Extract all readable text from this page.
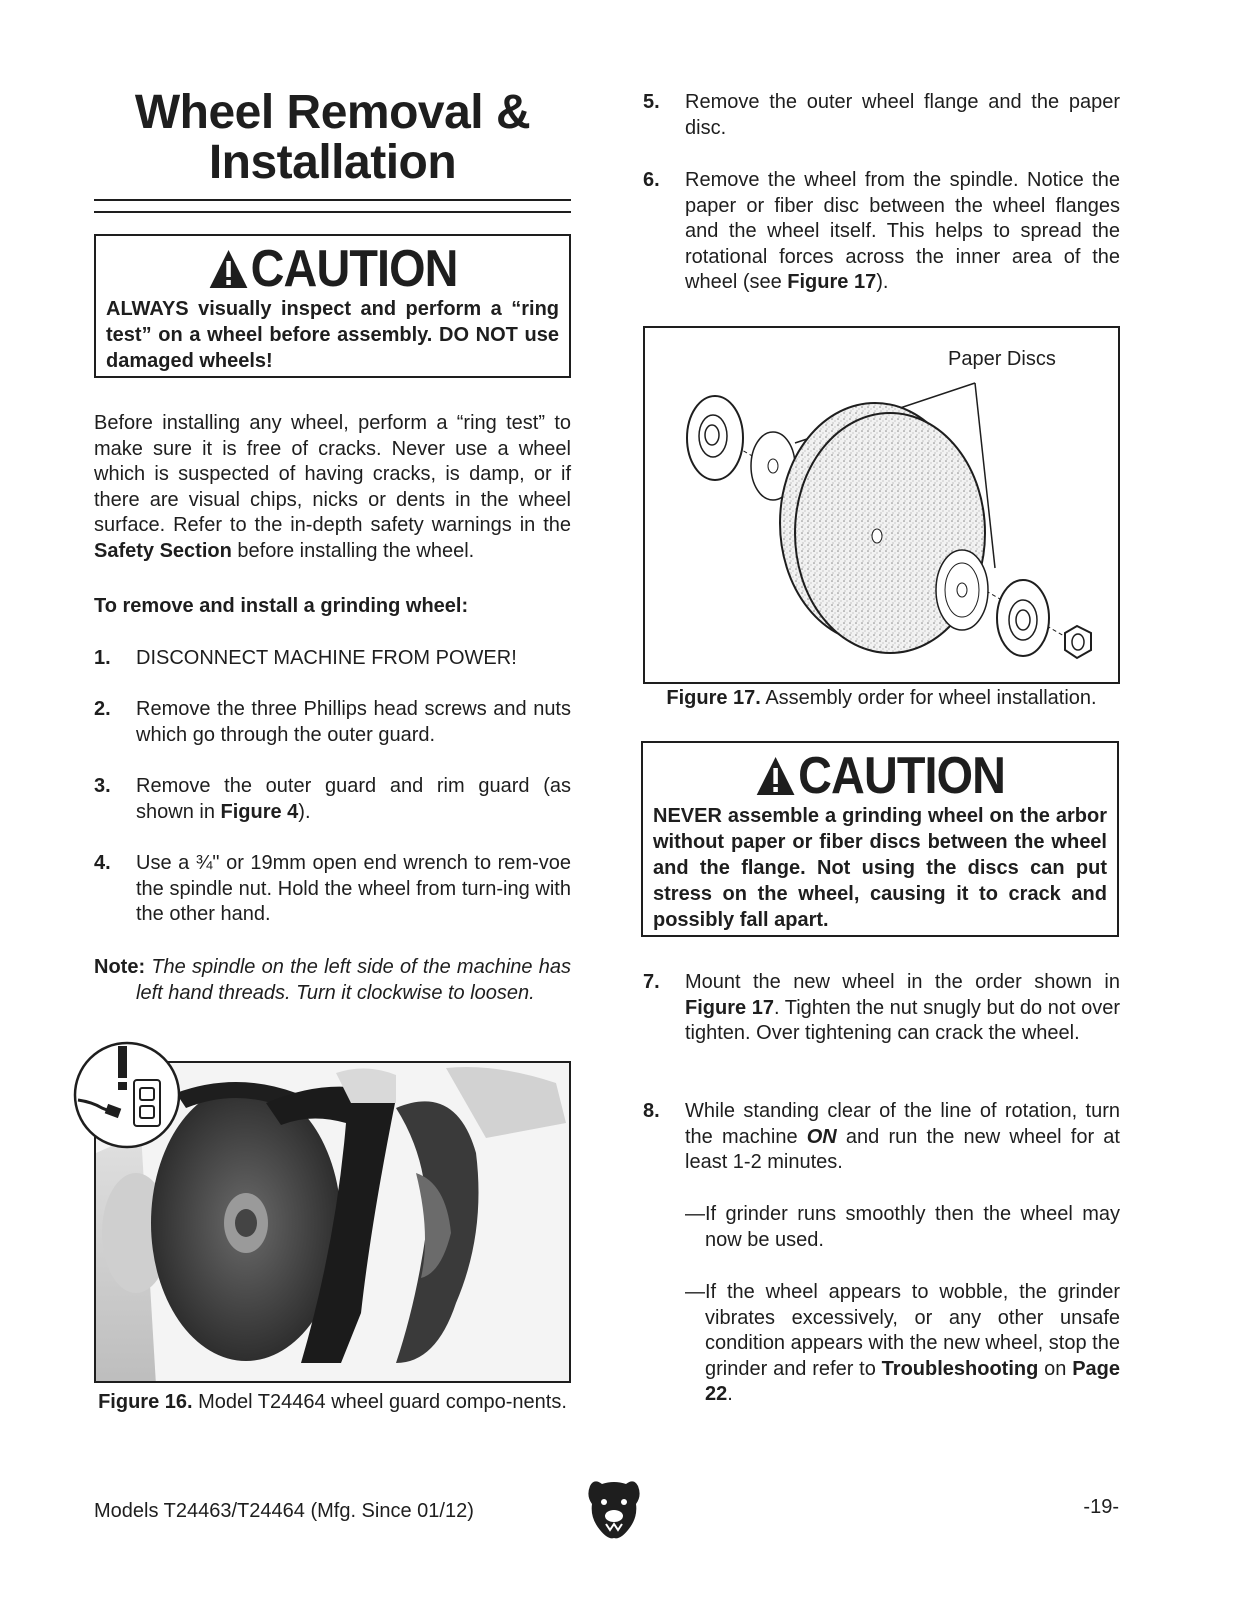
Wheel Removal &
Installation
CAUTION
ALWAYS visually inspect and perform a “ring test” on a wheel before assembly. DO NOT use damaged wheels!
Before installing any wheel, perform a “ring test” to make sure it is free of cracks. Never use a wheel which is suspected of having cracks, is damp, or if there are visual chips, nicks or dents in the wheel surface. Refer to the in-depth safety warnings in the Safety Section before installing the wheel.
To remove and install a grinding wheel:
1. DISCONNECT MACHINE FROM POWER!
2. Remove the three Phillips head screws and nuts which go through the outer guard.
3. Remove the outer guard and rim guard (as shown in Figure 4).
4. Use a ¾" or 19mm open end wrench to rem-voe the spindle nut. Hold the wheel from turn-ing with the other hand.
Note: The spindle on the left side of the machine has left hand threads. Turn it clockwise to loosen.
Figure 16. Model T24464 wheel guard compo-nents.
5. Remove the outer wheel flange and the paper disc.
6. Remove the wheel from the spindle. Notice the paper or fiber disc between the wheel flanges and the wheel itself. This helps to spread the rotational forces across the inner area of the wheel (see Figure 17).
Paper Discs
Figure 17. Assembly order for wheel installation.
CAUTION
NEVER assemble a grinding wheel on the arbor without paper or fiber discs between the wheel and the flange. Not using the discs can put stress on the wheel, causing it to crack and possibly fall apart.
7. Mount the new wheel in the order shown in Figure 17. Tighten the nut snugly but do not over tighten. Over tightening can crack the wheel.
8. While standing clear of the line of rotation, turn the machine ON and run the new wheel for at least 1-2 minutes.
—If grinder runs smoothly then the wheel may now be used.
—If the wheel appears to wobble, the grinder vibrates excessively, or any other unsafe condition appears with the new wheel, stop the grinder and refer to Troubleshooting on Page 22.
Models T24463/T24464 (Mfg. Since 01/12)	-19-
